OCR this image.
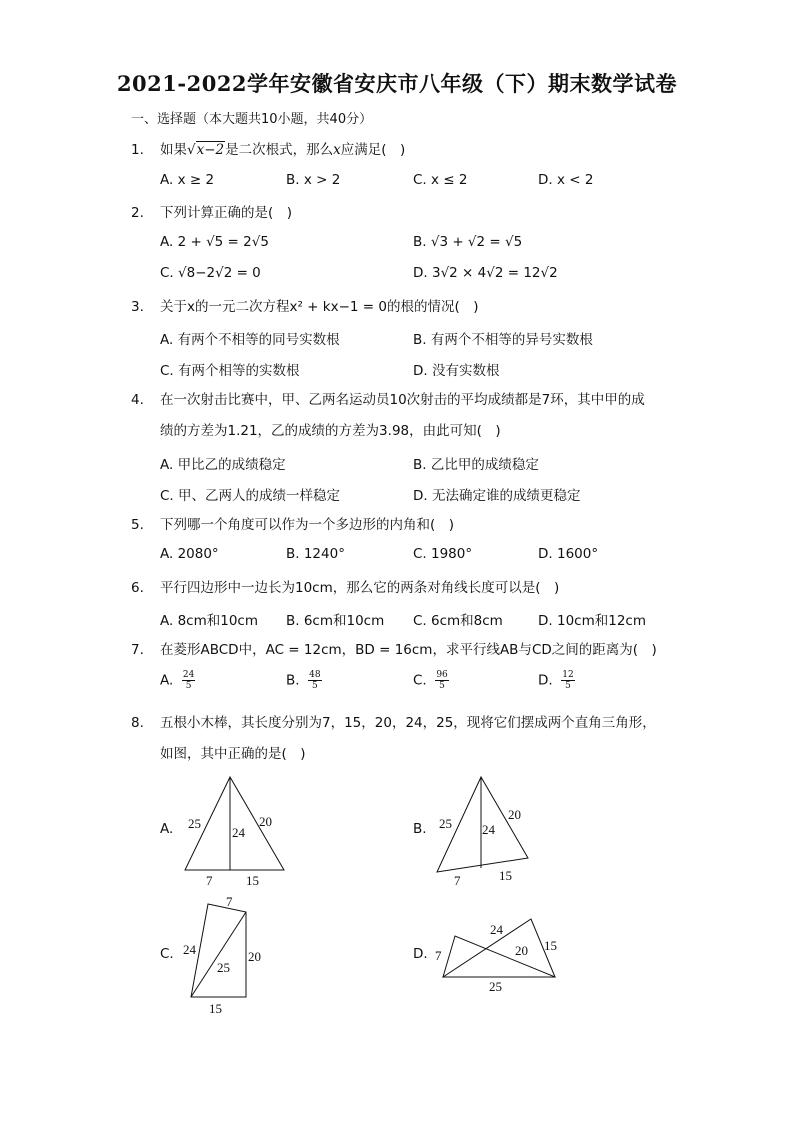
2021-2022学年安徽省安庆市八年级（下）期末数学试卷
一、选择题（本大题共10小题，共40分）
1.	如果√x−2是二次根式，那么x应满足(　)
A. x ≥ 2	B. x > 2	C. x ≤ 2	D. x < 2
2.	下列计算正确的是(　)
A. 2 + √5 = 2√5	B. √3 + √2 = √5
C. √8−2√2 = 0	D. 3√2 × 4√2 = 12√2
3.	关于x的一元二次方程x² + kx−1 = 0的根的情况(　)
A. 有两个不相等的同号实数根	B. 有两个不相等的异号实数根
C. 有两个相等的实数根	D. 没有实数根
4.	在一次射击比赛中，甲、乙两名运动员10次射击的平均成绩都是7环，其中甲的成
绩的方差为1.21，乙的成绩的方差为3.98，由此可知(　)
A. 甲比乙的成绩稳定	B. 乙比甲的成绩稳定
C. 甲、乙两人的成绩一样稳定	D. 无法确定谁的成绩更稳定
5.	下列哪一个角度可以作为一个多边形的内角和(　)
A. 2080°	B. 1240°	C. 1980°	D. 1600°
6.	平行四边形中一边长为10cm，那么它的两条对角线长度可以是(　)
A. 8cm和10cm B. 6cm和10cm C. 6cm和8cm	D. 10cm和12cm
7.	在菱形ABCD中，AC = 12cm，BD = 16cm，求平行线AB与CD之间的距离为(　)
A. $\frac{24}{5}$	B. $\frac{48}{5}$	C. $\frac{96}{5}$	D. $\frac{12}{5}$
8.	五根小木棒，其长度分别为7，15，20，24，25，现将它们摆成两个直角三角形，
如图，其中正确的是(　)
A. 25
24
20
7	15
B. 25 24
20
7	15
C.
7
24
25
20
15
D.
24
15
7	20
25
